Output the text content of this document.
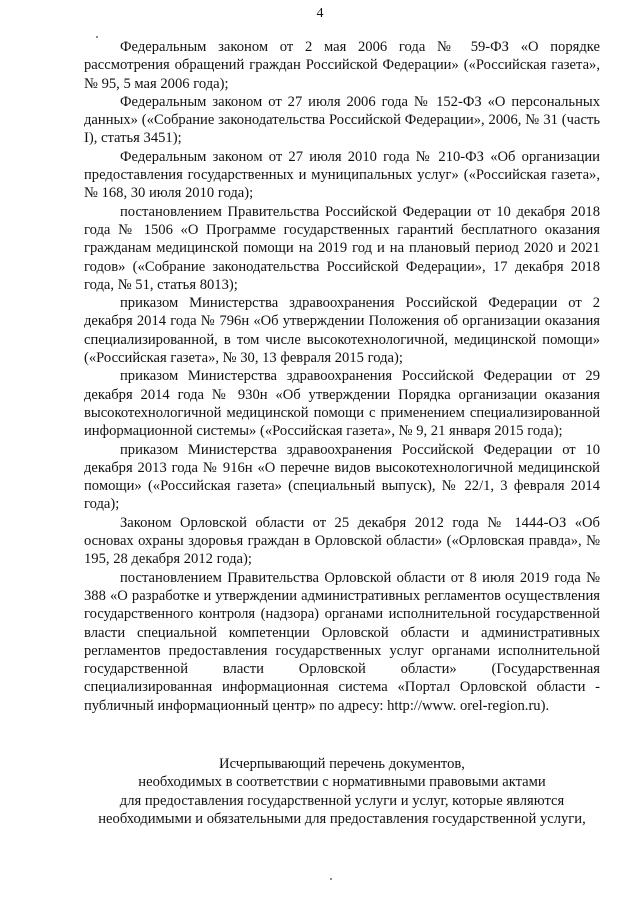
4

Федеральным законом от 2 мая 2006 года № 59-ФЗ «О порядке рассмотрения обращений граждан Российской Федерации» («Российская газета», № 95, 5 мая 2006 года);

Федеральным законом от 27 июля 2006 года № 152-ФЗ «О персональных данных» («Собрание законодательства Российской Федерации», 2006, № 31 (часть I), статья 3451);

Федеральным законом от 27 июля 2010 года № 210-ФЗ «Об организации предоставления государственных и муниципальных услуг» («Российская газета», № 168, 30 июля 2010 года);

постановлением Правительства Российской Федерации от 10 декабря 2018 года № 1506 «О Программе государственных гарантий бесплатного оказания гражданам медицинской помощи на 2019 год и на плановый период 2020 и 2021 годов» («Собрание законодательства Российской Федерации», 17 декабря 2018 года, № 51, статья 8013);

приказом Министерства здравоохранения Российской Федерации от 2 декабря 2014 года № 796н «Об утверждении Положения об организации оказания специализированной, в том числе высокотехнологичной, медицинской помощи» («Российская газета», № 30, 13 февраля 2015 года);

приказом Министерства здравоохранения Российской Федерации от 29 декабря 2014 года № 930н «Об утверждении Порядка организации оказания высокотехнологичной медицинской помощи с применением специализированной информационной системы» («Российская газета», № 9, 21 января 2015 года);

приказом Министерства здравоохранения Российской Федерации от 10 декабря 2013 года № 916н «О перечне видов высокотехнологичной медицинской помощи» («Российская газета» (специальный выпуск), № 22/1, 3 февраля 2014 года);

Законом Орловской области от 25 декабря 2012 года № 1444-ОЗ «Об основах охраны здоровья граждан в Орловской области» («Орловская правда», № 195, 28 декабря 2012 года);

постановлением Правительства Орловской области от 8 июля 2019 года № 388 «О разработке и утверждении административных регламентов осуществления государственного контроля (надзора) органами исполнительной государственной власти специальной компетенции Орловской области и административных регламентов предоставления государственных услуг органами исполнительной государственной власти Орловской области» (Государственная специализированная информационная система «Портал Орловской области - публичный информационный центр» по адресу: http://www. orel-region.ru).

Исчерпывающий перечень документов,
необходимых в соответствии с нормативными правовыми актами
для предоставления государственной услуги и услуг, которые являются
необходимыми и обязательными для предоставления государственной услуги,
